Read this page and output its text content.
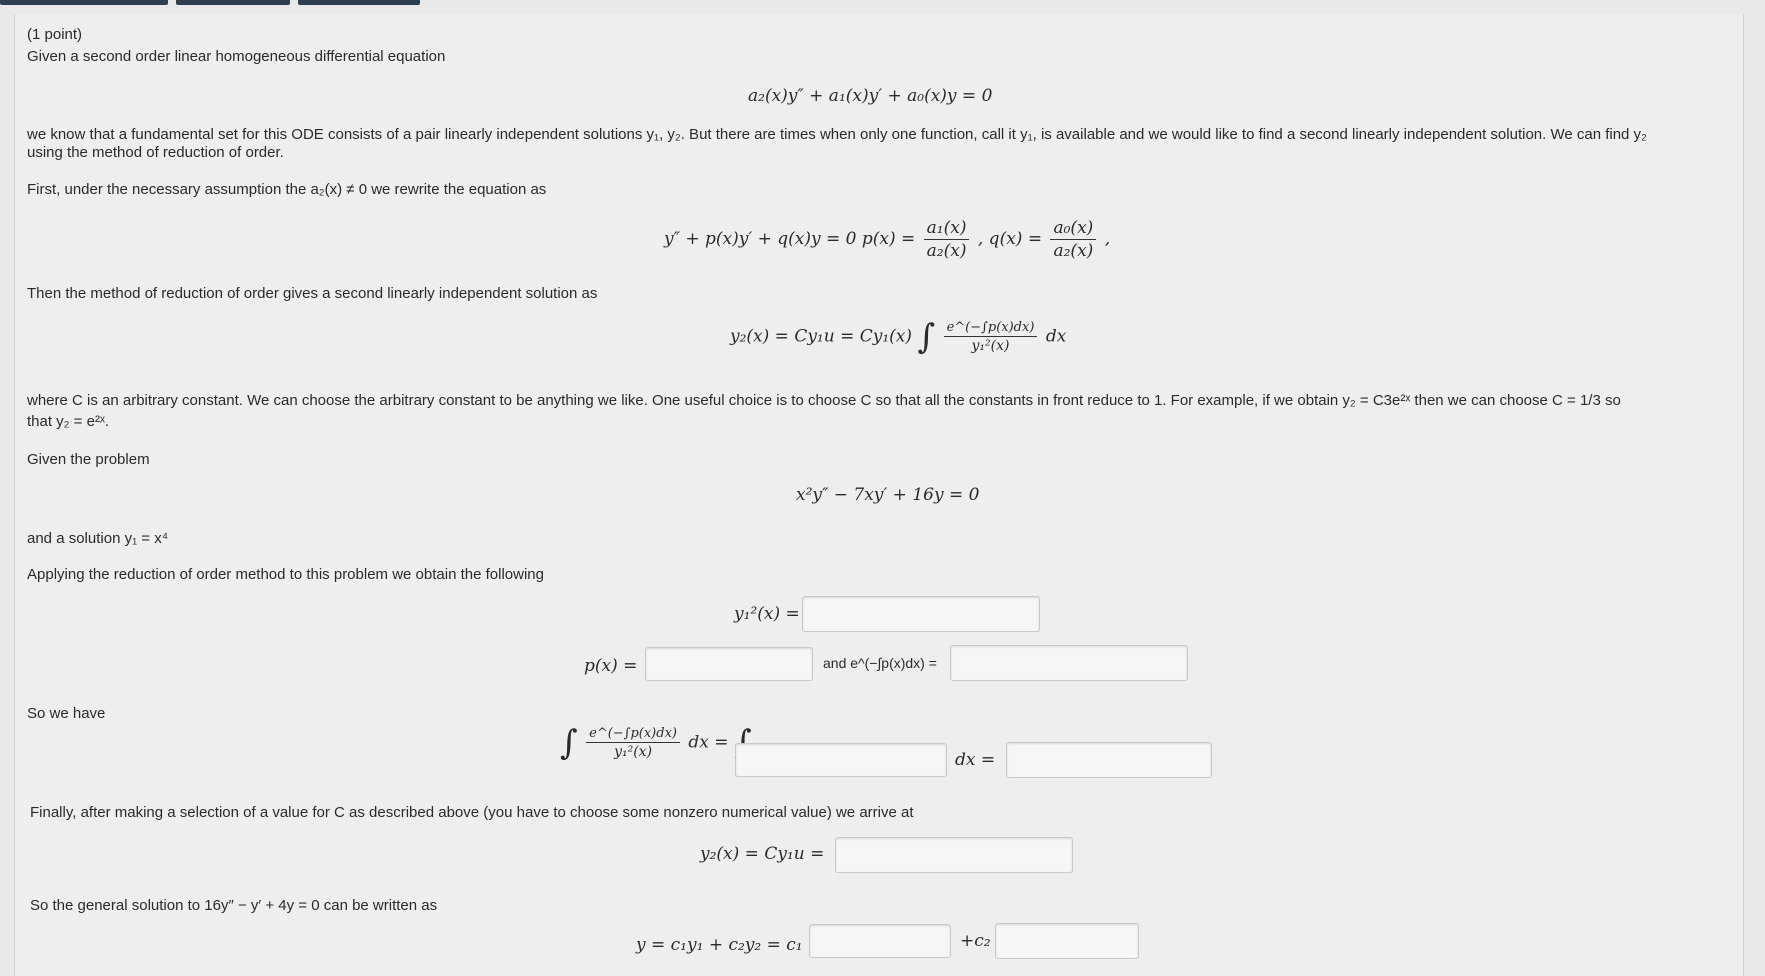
(1 point)
Given a second order linear homogeneous differential equation
a₂(x)y″ + a₁(x)y′ + a₀(x)y = 0
we know that a fundamental set for this ODE consists of a pair linearly independent solutions y₁, y₂. But there are times when only one function, call it y₁, is available and we would like to find a second linearly independent solution. We can find y₂
using the method of reduction of order.
First, under the necessary assumption the a₂(x) ≠ 0 we rewrite the equation as
y″ + p(x)y′ + q(x)y = 0 $p(x) = \frac{\text{a₁(x)}}{\text{a₂(x)}}$ , $q(x) = \frac{\text{a₀(x)}}{\text{a₂(x)}}$ ,
Then the method of reduction of order gives a second linearly independent solution as
y₂(x) = Cy₁u = Cy₁(x) ∫ $\frac{e\^{}(-\int p(x)dx)}{\text{y₁²(x)}}$ dx
where C is an arbitrary constant. We can choose the arbitrary constant to be anything we like. One useful choice is to choose C so that all the constants in front reduce to 1. For example, if we obtain y₂ = C3e²ˣ then we can choose C = 1/3 so
that y₂ = e²ˣ.
Given the problem
x²y″ − 7xy′ + 16y = 0
and a solution y₁ = x⁴
Applying the reduction of order method to this problem we obtain the following
y₁²(x) =
p(x) =	and e^(−∫p(x)dx) =
So we have
∫ $\frac{e\^{}(-\int p(x)dx)}{\text{y₁²(x)}}$ dx =
dx =
Finally, after making a selection of a value for C as described above (you have to choose some nonzero numerical value) we arrive at
y₂(x) = Cy₁u =
So the general solution to 16y″ − y′ + 4y = 0 can be written as
y = c₁y₁ + c₂y₂ = c₁	+c₂
